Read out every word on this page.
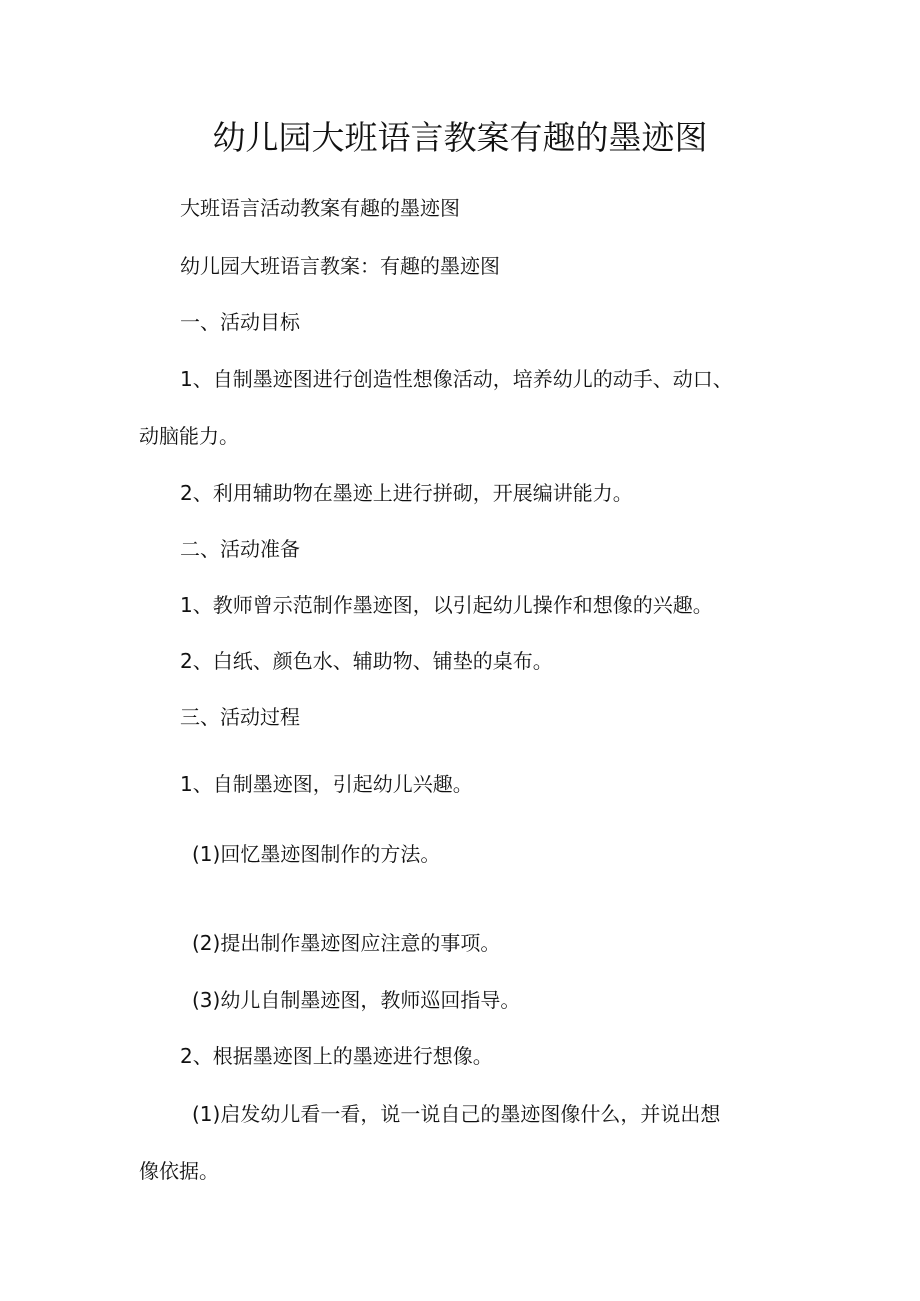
幼儿园大班语言教案有趣的墨迹图

大班语言活动教案有趣的墨迹图

幼儿园大班语言教案：有趣的墨迹图

一、活动目标

1、自制墨迹图进行创造性想像活动，培养幼儿的动手、动口、

动脑能力。

2、利用辅助物在墨迹上进行拼砌，开展编讲能力。

二、活动准备

1、教师曾示范制作墨迹图，以引起幼儿操作和想像的兴趣。

2、白纸、颜色水、辅助物、铺垫的桌布。

三、活动过程

1、自制墨迹图，引起幼儿兴趣。

(1)回忆墨迹图制作的方法。

(2)提出制作墨迹图应注意的事项。

(3)幼儿自制墨迹图，教师巡回指导。

2、根据墨迹图上的墨迹进行想像。

(1)启发幼儿看一看，说一说自己的墨迹图像什么，并说出想

像依据。
